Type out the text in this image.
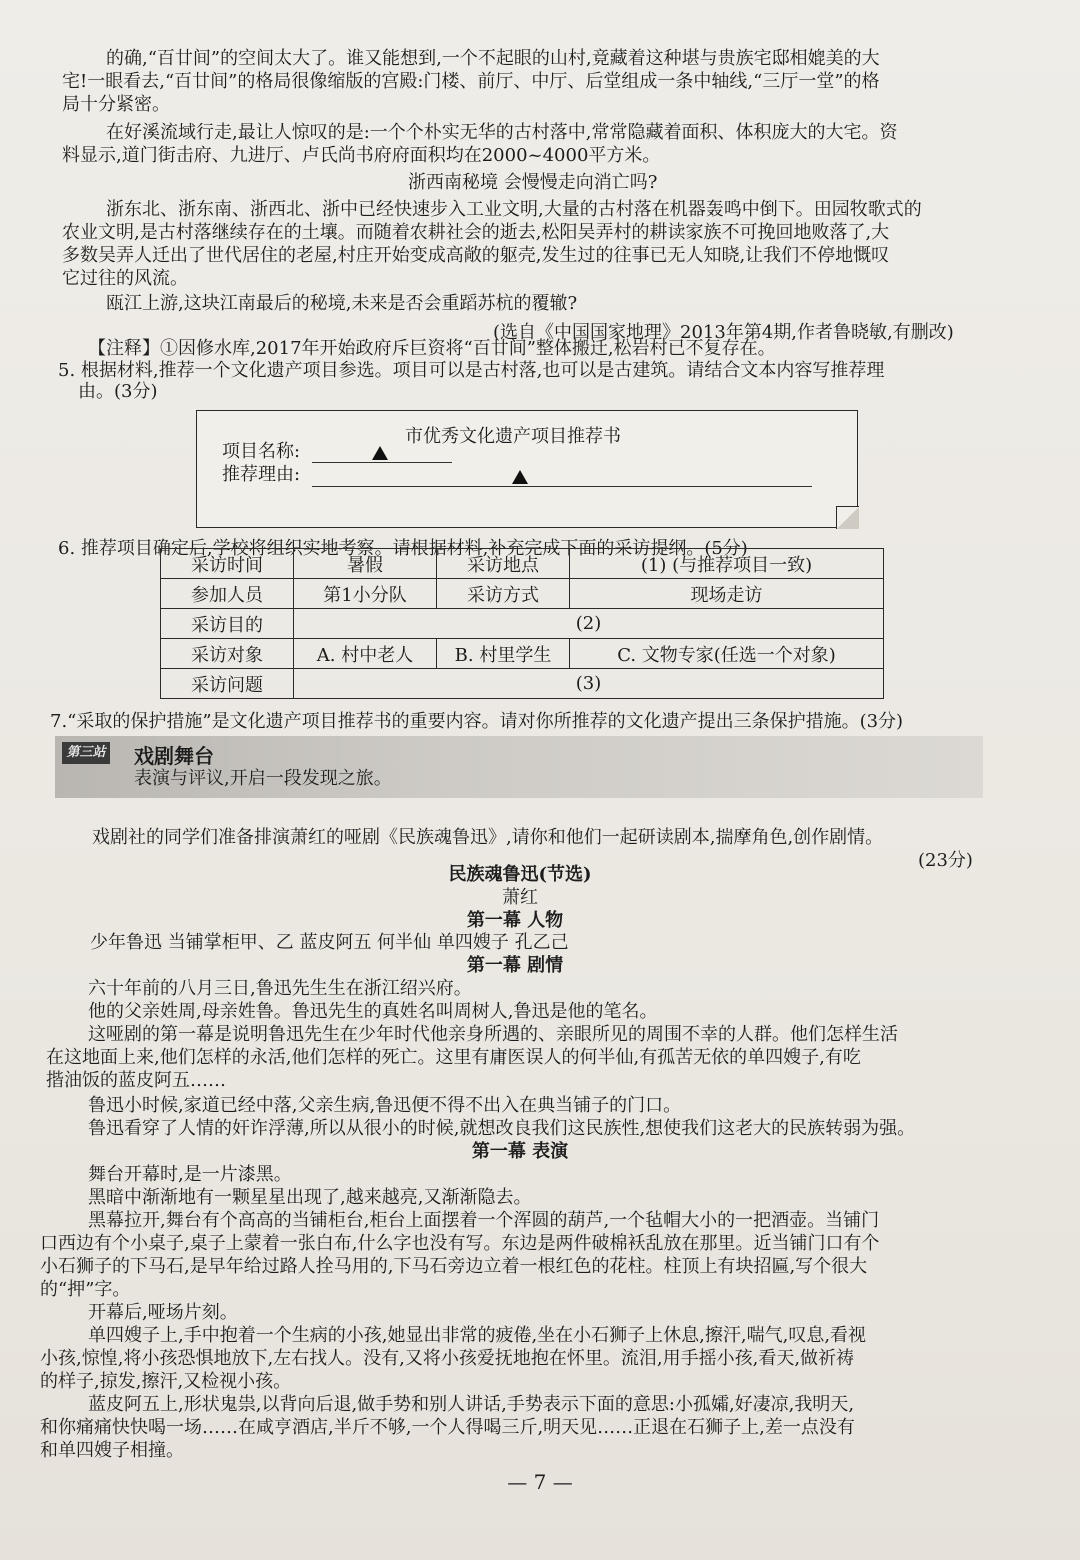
的确,“百廿间”的空间太大了。谁又能想到,一个不起眼的山村,竟藏着这种堪与贵族宅邸相媲美的大
宅!一眼看去,“百廿间”的格局很像缩版的宫殿:门楼、前厅、中厅、后堂组成一条中轴线,“三厅一堂”的格
局十分紧密。
在好溪流域行走,最让人惊叹的是:一个个朴实无华的古村落中,常常隐藏着面积、体积庞大的大宅。资
料显示,道门街击府、九进厅、卢氏尚书府府面积均在2000~4000平方米。
浙西南秘境 会慢慢走向消亡吗?
浙东北、浙东南、浙西北、浙中已经快速步入工业文明,大量的古村落在机器轰鸣中倒下。田园牧歌式的
农业文明,是古村落继续存在的土壤。而随着农耕社会的逝去,松阳吴弄村的耕读家族不可挽回地败落了,大
多数吴弄人迁出了世代居住的老屋,村庄开始变成高敞的躯壳,发生过的往事已无人知晓,让我们不停地慨叹
它过往的风流。
瓯江上游,这块江南最后的秘境,未来是否会重蹈苏杭的覆辙?
(选自《中国国家地理》2013年第4期,作者鲁晓敏,有删改)
【注释】①因修水库,2017年开始政府斥巨资将“百廿间”整体搬迁,松岩村已不复存在。
5. 根据材料,推荐一个文化遗产项目参选。项目可以是古村落,也可以是古建筑。请结合文本内容写推荐理
由。(3分)
市优秀文化遗产项目推荐书
项目名称:
推荐理由:
6. 推荐项目确定后,学校将组织实地考察。请根据材料,补充完成下面的采访提纲。(5分)
采访时间	暑假	采访地点	(1) (与推荐项目一致)
参加人员	第1小分队	采访方式	现场走访
采访目的	(2)		
采访对象	A. 村中老人	B. 村里学生	C. 文物专家(任选一个对象)
采访问题	(3)		
7.“采取的保护措施”是文化遗产项目推荐书的重要内容。请对你所推荐的文化遗产提出三条保护措施。(3分)
第三站 戏剧舞台
表演与评议,开启一段发现之旅。
戏剧社的同学们准备排演萧红的哑剧《民族魂鲁迅》,请你和他们一起研读剧本,揣摩角色,创作剧情。
(23分)
民族魂鲁迅(节选)
萧红
第一幕 人物
少年鲁迅 当铺掌柜甲、乙 蓝皮阿五 何半仙 单四嫂子 孔乙己
第一幕 剧情
六十年前的八月三日,鲁迅先生生在浙江绍兴府。
他的父亲姓周,母亲姓鲁。鲁迅先生的真姓名叫周树人,鲁迅是他的笔名。
这哑剧的第一幕是说明鲁迅先生在少年时代他亲身所遇的、亲眼所见的周围不幸的人群。他们怎样生活
在这地面上来,他们怎样的永活,他们怎样的死亡。这里有庸医误人的何半仙,有孤苦无依的单四嫂子,有吃
揩油饭的蓝皮阿五……
鲁迅小时候,家道已经中落,父亲生病,鲁迅便不得不出入在典当铺子的门口。
鲁迅看穿了人情的奸诈浮薄,所以从很小的时候,就想改良我们这民族性,想使我们这老大的民族转弱为强。
第一幕 表演
舞台开幕时,是一片漆黑。
黑暗中渐渐地有一颗星星出现了,越来越亮,又渐渐隐去。
黑幕拉开,舞台有个高高的当铺柜台,柜台上面摆着一个浑圆的葫芦,一个毡帽大小的一把酒壶。当铺门
口西边有个小桌子,桌子上蒙着一张白布,什么字也没有写。东边是两件破棉袄乱放在那里。近当铺门口有个
小石狮子的下马石,是早年给过路人拴马用的,下马石旁边立着一根红色的花柱。柱顶上有块招匾,写个很大
的“押”字。
开幕后,哑场片刻。
单四嫂子上,手中抱着一个生病的小孩,她显出非常的疲倦,坐在小石狮子上休息,擦汗,喘气,叹息,看视
小孩,惊惶,将小孩恐惧地放下,左右找人。没有,又将小孩爱抚地抱在怀里。流泪,用手摇小孩,看天,做祈祷
的样子,掠发,擦汗,又检视小孩。
蓝皮阿五上,形状鬼祟,以背向后退,做手势和别人讲话,手势表示下面的意思:小孤孀,好凄凉,我明天,
和你痛痛快快喝一场……在咸亨酒店,半斤不够,一个人得喝三斤,明天见……正退在石狮子上,差一点没有
和单四嫂子相撞。
— 7 —
